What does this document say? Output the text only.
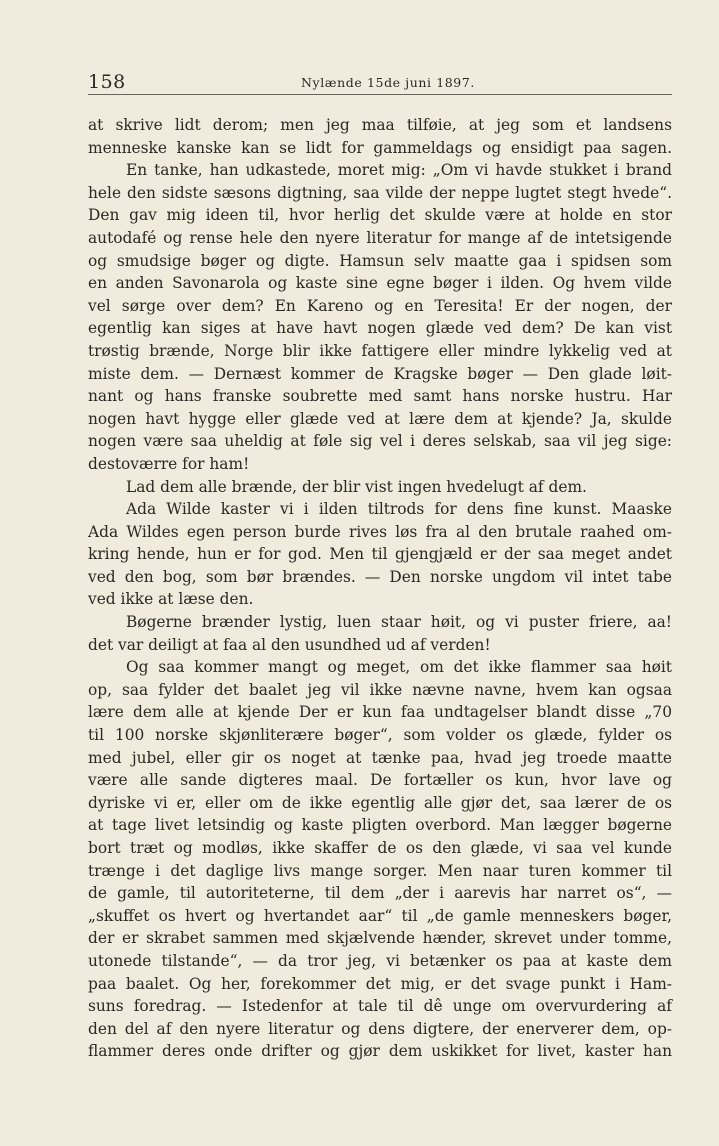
158	Nylænde 15de juni 1897.
at skrive lidt derom; men jeg maa tilføie, at jeg som et landsens
menneske kanske kan se lidt for gammeldags og ensidigt paa sagen.
En tanke, han udkastede, moret mig: „Om vi havde stukket i brand
hele den sidste sæsons digtning, saa vilde der neppe lugtet stegt hvede“.
Den gav mig ideen til, hvor herlig det skulde være at holde en stor
autodafé og rense hele den nyere literatur for mange af de intetsigende
og smudsige bøger og digte. Hamsun selv maatte gaa i spidsen som
en anden Savonarola og kaste sine egne bøger i ilden. Og hvem vilde
vel sørge over dem? En Kareno og en Teresita! Er der nogen, der
egentlig kan siges at have havt nogen glæde ved dem? De kan vist
trøstig brænde, Norge blir ikke fattigere eller mindre lykkelig ved at
miste dem. — Dernæst kommer de Kragske bøger — Den glade løit-
nant og hans franske soubrette med samt hans norske hustru. Har
nogen havt hygge eller glæde ved at lære dem at kjende? Ja, skulde
nogen være saa uheldig at føle sig vel i deres selskab, saa vil jeg sige:
destoværre for ham!
Lad dem alle brænde, der blir vist ingen hvedelugt af dem.
Ada Wilde kaster vi i ilden tiltrods for dens fine kunst. Maaske
Ada Wildes egen person burde rives løs fra al den brutale raahed om-
kring hende, hun er for god. Men til gjengjæld er der saa meget andet
ved den bog, som bør brændes. — Den norske ungdom vil intet tabe
ved ikke at læse den.
Bøgerne brænder lystig, luen staar høit, og vi puster friere, aa!
det var deiligt at faa al den usundhed ud af verden!
Og saa kommer mangt og meget, om det ikke flammer saa høit
op, saa fylder det baalet jeg vil ikke nævne navne, hvem kan ogsaa
lære dem alle at kjende Der er kun faa undtagelser blandt disse „70
til 100 norske skjønliterære bøger“, som volder os glæde, fylder os
med jubel, eller gir os noget at tænke paa, hvad jeg troede maatte
være alle sande digteres maal. De fortæller os kun, hvor lave og
dyriske vi er, eller om de ikke egentlig alle gjør det, saa lærer de os
at tage livet letsindig og kaste pligten overbord. Man lægger bøgerne
bort træt og modløs, ikke skaffer de os den glæde, vi saa vel kunde
trænge i det daglige livs mange sorger. Men naar turen kommer til
de gamle, til autoriteterne, til dem „der i aarevis har narret os“, —
„skuffet os hvert og hvertandet aar“ til „de gamle menneskers bøger,
der er skrabet sammen med skjælvende hænder, skrevet under tomme,
utonede tilstande“, — da tror jeg, vi betænker os paa at kaste dem
paa baalet. Og her, forekommer det mig, er det svage punkt i Ham-
suns foredrag. — Istedenfor at tale til dê unge om overvurdering af
den del af den nyere literatur og dens digtere, der enerverer dem, op-
flammer deres onde drifter og gjør dem uskikket for livet, kaster han
